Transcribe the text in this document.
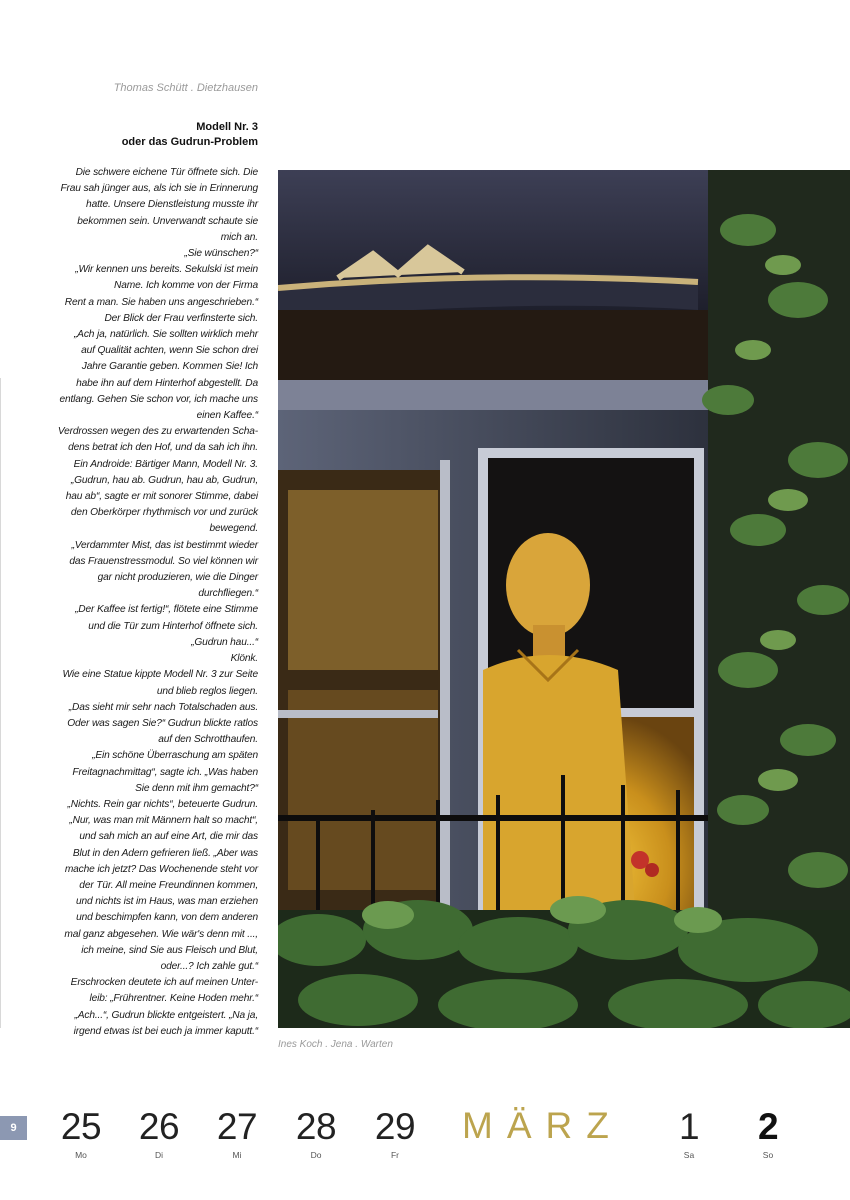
Thomas Schütt . Dietzhausen
Modell Nr. 3
oder das Gudrun-Problem
Die schwere eichene Tür öffnete sich. Die
Frau sah jünger aus, als ich sie in Erinnerung
hatte. Unsere Dienstleistung musste ihr
bekommen sein. Unverwandt schaute sie
mich an.
„Sie wünschen?“
„Wir kennen uns bereits. Sekulski ist mein
Name. Ich komme von der Firma
Rent a man. Sie haben uns angeschrieben.“
Der Blick der Frau verfinsterte sich.
„Ach ja, natürlich. Sie sollten wirklich mehr
auf Qualität achten, wenn Sie schon drei
Jahre Garantie geben. Kommen Sie! Ich
habe ihn auf dem Hinterhof abgestellt. Da
entlang. Gehen Sie schon vor, ich mache uns
einen Kaffee.“
Verdrossen wegen des zu erwartenden Scha-
dens betrat ich den Hof, und da sah ich ihn.
Ein Androide: Bärtiger Mann, Modell Nr. 3.
„Gudrun, hau ab. Gudrun, hau ab, Gudrun,
hau ab“, sagte er mit sonorer Stimme, dabei
den Oberkörper rhythmisch vor und zurück
bewegend.
„Verdammter Mist, das ist bestimmt wieder
das Frauenstressmodul. So viel können wir
gar nicht produzieren, wie die Dinger
durchfliegen.“
„Der Kaffee ist fertig!“, flötete eine Stimme
und die Tür zum Hinterhof öffnete sich.
„Gudrun hau...“
Klönk.
Wie eine Statue kippte Modell Nr. 3 zur Seite
und blieb reglos liegen.
„Das sieht mir sehr nach Totalschaden aus.
Oder was sagen Sie?“ Gudrun blickte ratlos
auf den Schrotthaufen.
„Ein schöne Überraschung am späten
Freitagnachmittag“, sagte ich. „Was haben
Sie denn mit ihm gemacht?“
„Nichts. Rein gar nichts“, beteuerte Gudrun.
„Nur, was man mit Männern halt so macht“,
und sah mich an auf eine Art, die mir das
Blut in den Adern gefrieren ließ. „Aber was
mache ich jetzt? Das Wochenende steht vor
der Tür. All meine Freundinnen kommen,
und nichts ist im Haus, was man erziehen
und beschimpfen kann, von dem anderen
mal ganz abgesehen. Wie wär's denn mit ...,
ich meine, sind Sie aus Fleisch und Blut,
oder...? Ich zahle gut.“
Erschrocken deutete ich auf meinen Unter-
leib: „Frührentner. Keine Hoden mehr.“
„Ach...“, Gudrun blickte entgeistert. „Na ja,
irgend etwas ist bei euch ja immer kaputt.“
Ines Koch . Jena . Warten
9 25
Mo
26
Di
27
Mi
28
Do
29
Fr
MÄRZ	1
Sa
2
So
